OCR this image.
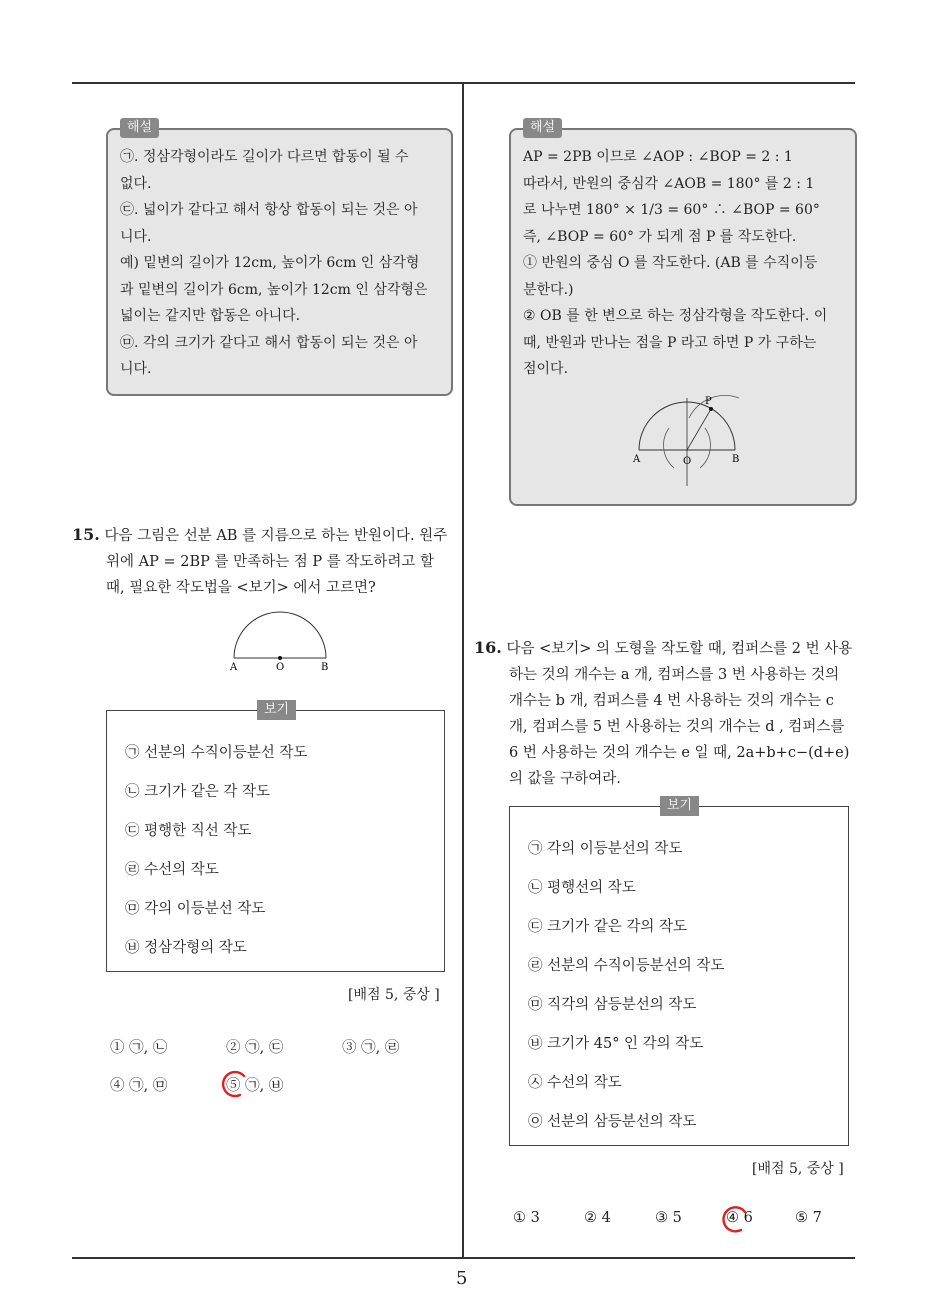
해설
㉠. 정삼각형이라도 길이가 다르면 합동이 될 수
없다.
㉢. 넓이가 같다고 해서 항상 합동이 되는 것은 아
니다.
예) 밑변의 길이가 12cm, 높이가 6cm 인 삼각형
과 밑변의 길이가 6cm, 높이가 12cm 인 삼각형은
넓이는 같지만 합동은 아니다.
㉤. 각의 크기가 같다고 해서 합동이 되는 것은 아
니다.
해설
AP = 2PB 이므로 ∠AOP : ∠BOP = 2 : 1
따라서, 반원의 중심각 ∠AOB = 180° 를 2 : 1
로 나누면 180° × 1/3 = 60° ∴ ∠BOP = 60°
즉, ∠BOP = 60° 가 되게 점 P 를 작도한다.
① 반원의 중심 O 를 작도한다. (AB 를 수직이등
분한다.)
② OB 를 한 변으로 하는 정삼각형을 작도한다. 이
때, 반원과 만나는 점을 P 라고 하면 P 가 구하는
점이다.
A	O	B
P
15. 다음 그림은 선분 AB 를 지름으로 하는 반원이다. 원주
위에 AP = 2BP 를 만족하는 점 P 를 작도하려고 할
때, 필요한 작도법을 <보기> 에서 고르면?
A	O	B
보기
㉠ 선분의 수직이등분선 작도
㉡ 크기가 같은 각 작도
㉢ 평행한 직선 작도
㉣ 수선의 작도
㉤ 각의 이등분선 작도
㉥ 정삼각형의 작도
[배점 5, 중상 ]
① ㉠, ㉡	② ㉠, ㉢	③ ㉠, ㉣
④ ㉠, ㉤	⑤ ㉠, ㉥
16. 다음 <보기> 의 도형을 작도할 때, 컴퍼스를 2 번 사용
하는 것의 개수는 a 개, 컴퍼스를 3 번 사용하는 것의
개수는 b 개, 컴퍼스를 4 번 사용하는 것의 개수는 c
개, 컴퍼스를 5 번 사용하는 것의 개수는 d , 컴퍼스를
6 번 사용하는 것의 개수는 e 일 때, 2a+b+c−(d+e)
의 값을 구하여라.
보기
㉠ 각의 이등분선의 작도
㉡ 평행선의 작도
㉢ 크기가 같은 각의 작도
㉣ 선분의 수직이등분선의 작도
㉤ 직각의 삼등분선의 작도
㉥ 크기가 45° 인 각의 작도
㉦ 수선의 작도
㉧ 선분의 삼등분선의 작도
[배점 5, 중상 ]
① 3	② 4	③ 5	④ 6	⑤ 7
5
